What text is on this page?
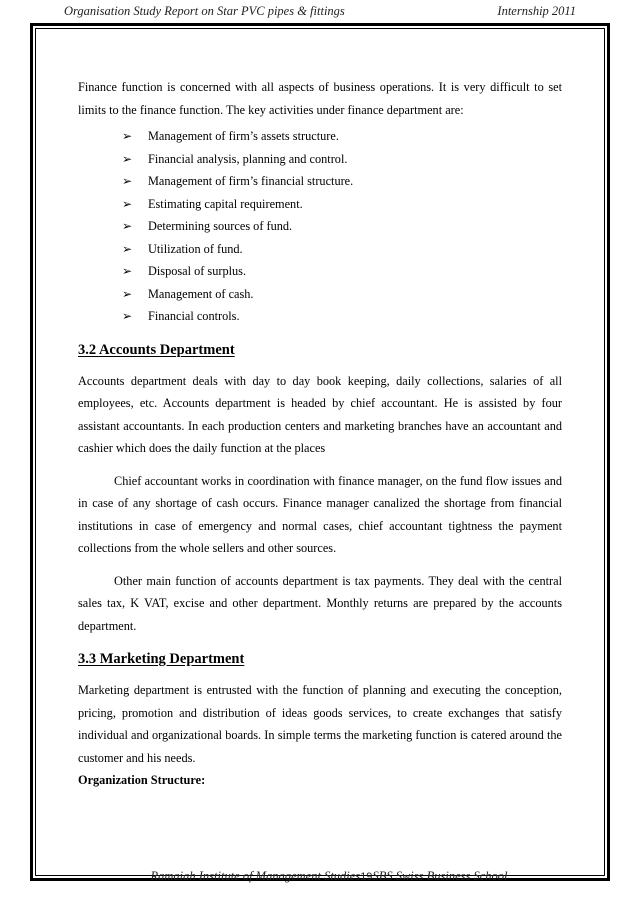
Organisation Study Report on Star PVC pipes & fittings	Internship 2011

Finance function is concerned with all aspects of business operations. It is very difficult to set limits to the finance function. The key activities under finance department are:

➢ Management of firm’s assets structure.
➢ Financial analysis, planning and control.
➢ Management of firm’s financial structure.
➢ Estimating capital requirement.
➢ Determining sources of fund.
➢ Utilization of fund.
➢ Disposal of surplus.
➢ Management of cash.
➢ Financial controls.
3.2 Accounts Department

Accounts department deals with day to day book keeping, daily collections, salaries of all employees, etc. Accounts department is headed by chief accountant. He is assisted by four assistant accountants. In each production centers and marketing branches have an accountant and cashier which does the daily function at the places

Chief accountant works in coordination with finance manager, on the fund flow issues and in case of any shortage of cash occurs. Finance manager canalized the shortage from financial institutions in case of emergency and normal cases, chief accountant tightness the payment collections from the whole sellers and other sources.

Other main function of accounts department is tax payments. They deal with the central sales tax, K VAT, excise and other department. Monthly returns are prepared by the accounts department.

3.3 Marketing Department

Marketing department is entrusted with the function of planning and executing the conception, pricing, promotion and distribution of ideas goods services, to create exchanges that satisfy individual and organizational boards. In simple terms the marketing function is catered around the customer and his needs.

Organization Structure:

Ramaiah Institute of Management Studies19SBS Swiss Business School
